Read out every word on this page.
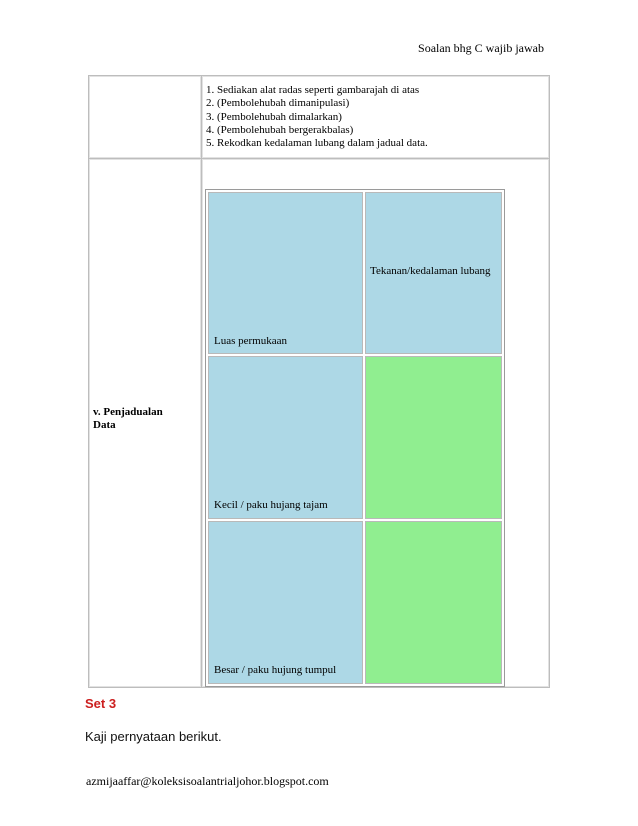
Soalan bhg C wajib jawab

1. Sediakan alat radas seperti gambarajah di atas
2. (Pembolehubah dimanipulasi)
3. (Pembolehubah dimalarkan)
4. (Pembolehubah bergerakbalas)
5. Rekodkan kedalaman lubang dalam jadual data.

v. Penjadualan
Data

Luas permukaan	Tekanan/kedalaman lubang
Kecil / paku hujang tajam	
Besar / paku hujung tumpul	
Set 3
Kaji pernyataan berikut.
azmijaaffar@koleksisoalantrialjohor.blogspot.com
